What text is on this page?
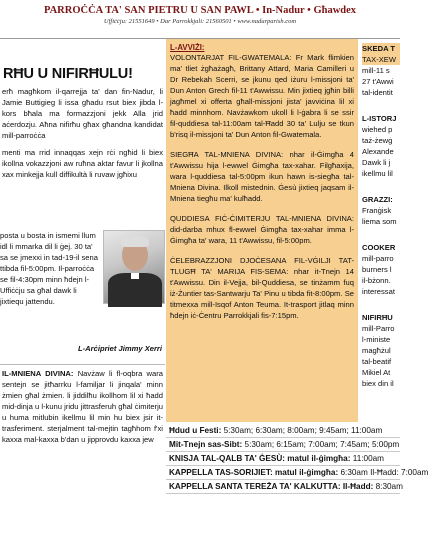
PARROĊĊA TA' SAN PIETRU U SAN PAWL • In-Nadur • Għawdex
Uffiċċju: 21551649 • Dar Parrokkjali: 21560501 • www.nadurparish.com
RĦU U NIFIRĦULU!

erħ magħkom il-qarrejja ta' dan fin-Nadur, li Jamie Buttigieg li issa għadu rsut biex jibda l-kors bħala ma formazzjoni jekk Alla jrid aċerdozju. Aħna nifirħu għax għandna kandidat mill-parroċċa

menti ma rrid innaqqas xejn rċi ngħid li biex ikollna vokazzjoni aw ruħna aktar favur li jkollna xax minkejja kull diffikultà li ruvaw jgħixu

posta u bosta in ismemi llum idl li mmarka dil li ġej. 30 ta' sa se jmexxi in tad-19-il sena ttibda fil-5:00pm. Il-parroċċa se fil-4:30pm minn ħdejn l-Uffiċċju sa għal dawk li jixtiequ jattendu.
L-Arċipriet Jimmy Xerri

IL-MNIENA DIVINA: Navżaw li fl-oqbra wara sentejn se jitħarrku l-familjar li jinqala' minn żmien għal żmien. li jiddilħu ikollhom lil xi ħadd mid-dinja u l-kunu jridu jittrasferuh għal ċimiterju u huma mitlubin ikellmu lil min hu biex jsir it-trasferiment. sterjalment tal-mejtin tagħhom f'xi kaxxa mal-kaxxa b'dan u jipprovdu kaxxa jew

L-AVVIŻI:

VOLONTARJAT FIL-GWATEMALA: Fr Mark flimkien ma' tliet żgħażagħ, Brittany Attard, Maria Camilleri u Dr Rebekah Scerri, se jkunu qed iżuru l-missjoni ta' Dun Anton Grech fil-11 t'Awwissu. Min jixtieq jgħin billi jagħmel xi offerta għall-missjoni jista' javviċina lil xi ħadd minnhom. Navżawkom ukoll li l-ġabra li se ssir fil-quddiesa tal-11:00am tal-Ħadd 30 ta' Lulju se tkun b'risq il-missjoni ta' Dun Anton fil-Gwatemala.

SIEGĦA TAL-MNIENA DIVINA: nhar il-Ġimgħa 4 t'Awwissu hija l-ewwel Ġimgħa tax-xahar. Filgħaxija, wara l-quddiesa tal-5:00pm ikun hawn is-siegħa tal-Mniena Divina. Ilkoll mistednin. Ġesù jixtieq jaqsam il-Mniena tiegħu ma' kulħadd.

QUDDIESA FIĊ-ĊIMITERJU TAL-MNIENA DIVINA: did-darba mhux fl-ewwel Ġimgħa tax-xahar imma l-Ġimgħa ta' wara, 11 t'Awwissu, fil-5:00pm.

ĊELEBRAZZJONI DJOĊESANA FIL-VĠILJI TAT-TLUGĦ TA' MARIJA FIS-SEMA: nhar it-Tnejn 14 t'Awwissu. Din il-Vejja, bil-Quddiesa, se tinżamm fuq iż-Żuntier tas-Santwarju Ta' Pinu u tibda fit-8:00pm. Se titmexxa mill-Isqof Anton Teuma. It-trasport jitlaq minn ħdejn iċ-Ċentru Parrokkjali fis-7:15pm.

SKEDA T
TAX-XEW
mill-11 s
27 t'Awwi
tal-identit

L-ISTORJ
wiehed p
taż-żewġ
Alexande
Dawk li j
ikellmu lil

GRAZZI:
Franġisk
liema som

COOKER
mill-parro
burners l
il-bżonn.
interessat

NIFIRĦU
mill-Parro
l-ministe
magħżul
tal-beatif
Mikiel At
biex din il
Ħdud u Festi: 5:30am; 6:30am; 8:00am; 9:45am; 11:00am
Mit-Tnejn sas-Sibt: 5:30am; 6:15am; 7:00am; 7:45am; 5:00pm
KNISJA TAL-QALB TA' ĠESÙ: matul il-ġimgħa: 11:00am
KAPPELLA TAS-SORIJIET: matul il-ġimgħa: 6:30am Il-Ħadd: 7:00am
KAPPELLA SANTA TEREŻA TA' KALKUTTA: Il-Ħadd: 8:30am
